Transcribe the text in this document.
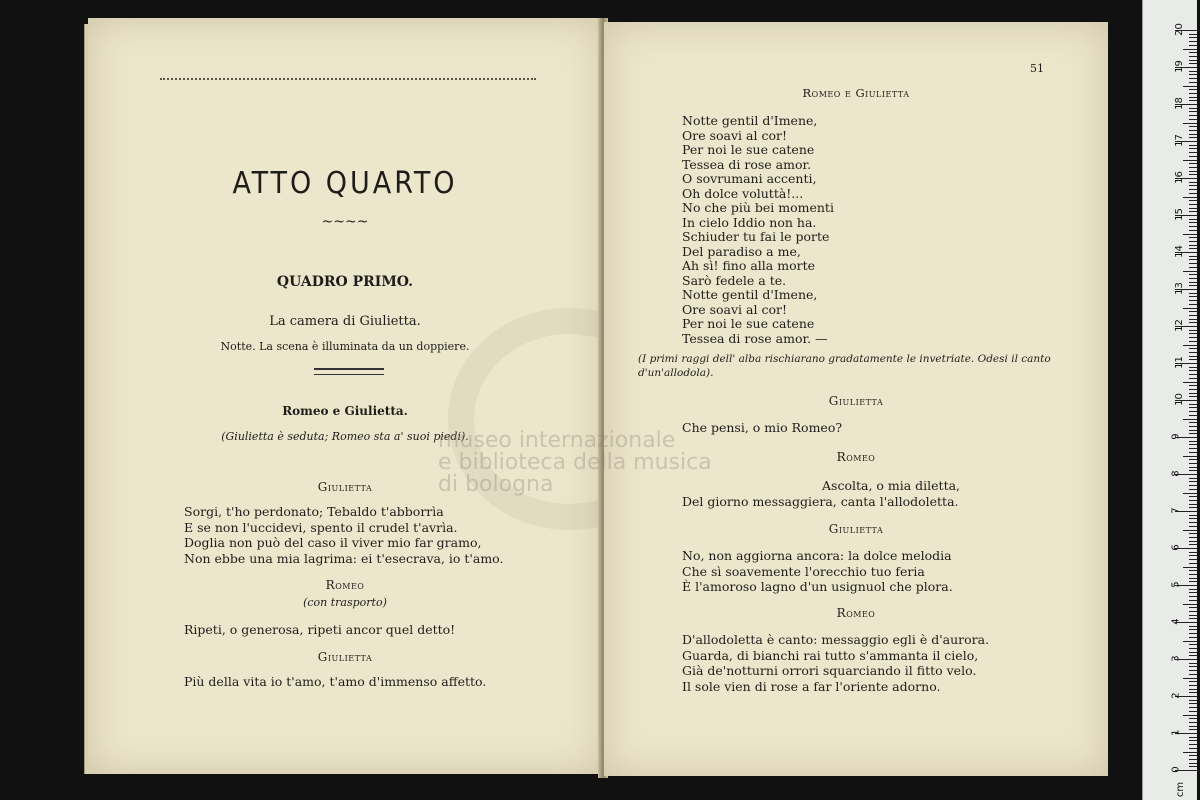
ATTO QUARTO
~~~~
QUADRO PRIMO.
La camera di Giulietta.
Notte. La scena è illuminata da un doppiere.
Romeo e Giulietta.
(Giulietta è seduta; Romeo sta a' suoi piedi).
Giulietta
Sorgi, t'ho perdonato; Tebaldo t'abborrìa
E se non l'uccidevi, spento il crudel t'avrìa.
Doglia non può del caso il viver mio far gramo,
Non ebbe una mia lagrima: ei t'esecrava, io t'amo.
Romeo
(con trasporto)
Ripeti, o generosa, ripeti ancor quel detto!
Giulietta
Più della vita io t'amo, t'amo d'immenso affetto.
51
Romeo e Giulietta
Notte gentil d'Imene,
Ore soavi al cor!
Per noi le sue catene
Tessea di rose amor.
O sovrumani accenti,
Oh dolce voluttà!...
No che più bei momenti
In cielo Iddio non ha.
Schiuder tu fai le porte
Del paradiso a me,
Ah sì! fino alla morte
Sarò fedele a te.
Notte gentil d'Imene,
Ore soavi al cor!
Per noi le sue catene
Tessea di rose amor. —
(I primi raggi dell' alba rischiarano gradatamente le invetriate. Odesi il canto d'un'allodola).
Giulietta
Che pensi, o mio Romeo?
Romeo
Ascolta, o mia diletta,
Del giorno messaggiera, canta l'allodoletta.
Giulietta
No, non aggiorna ancora: la dolce melodia
Che sì soavemente l'orecchio tuo feria
È l'amoroso lagno d'un usignuol che plora.
Romeo
D'allodoletta è canto: messaggio egli è d'aurora.
Guarda, di bianchi rai tutto s'ammanta il cielo,
Già de'notturni orrori squarciando il fitto velo.
Il sole vien di rose a far l'oriente adorno.
museo internazionale
e biblioteca della musica
di bologna
0
1
2
3
4
5
6
7
8
9
10
11
12
13
14
15
16
17
18
19
20
cm
